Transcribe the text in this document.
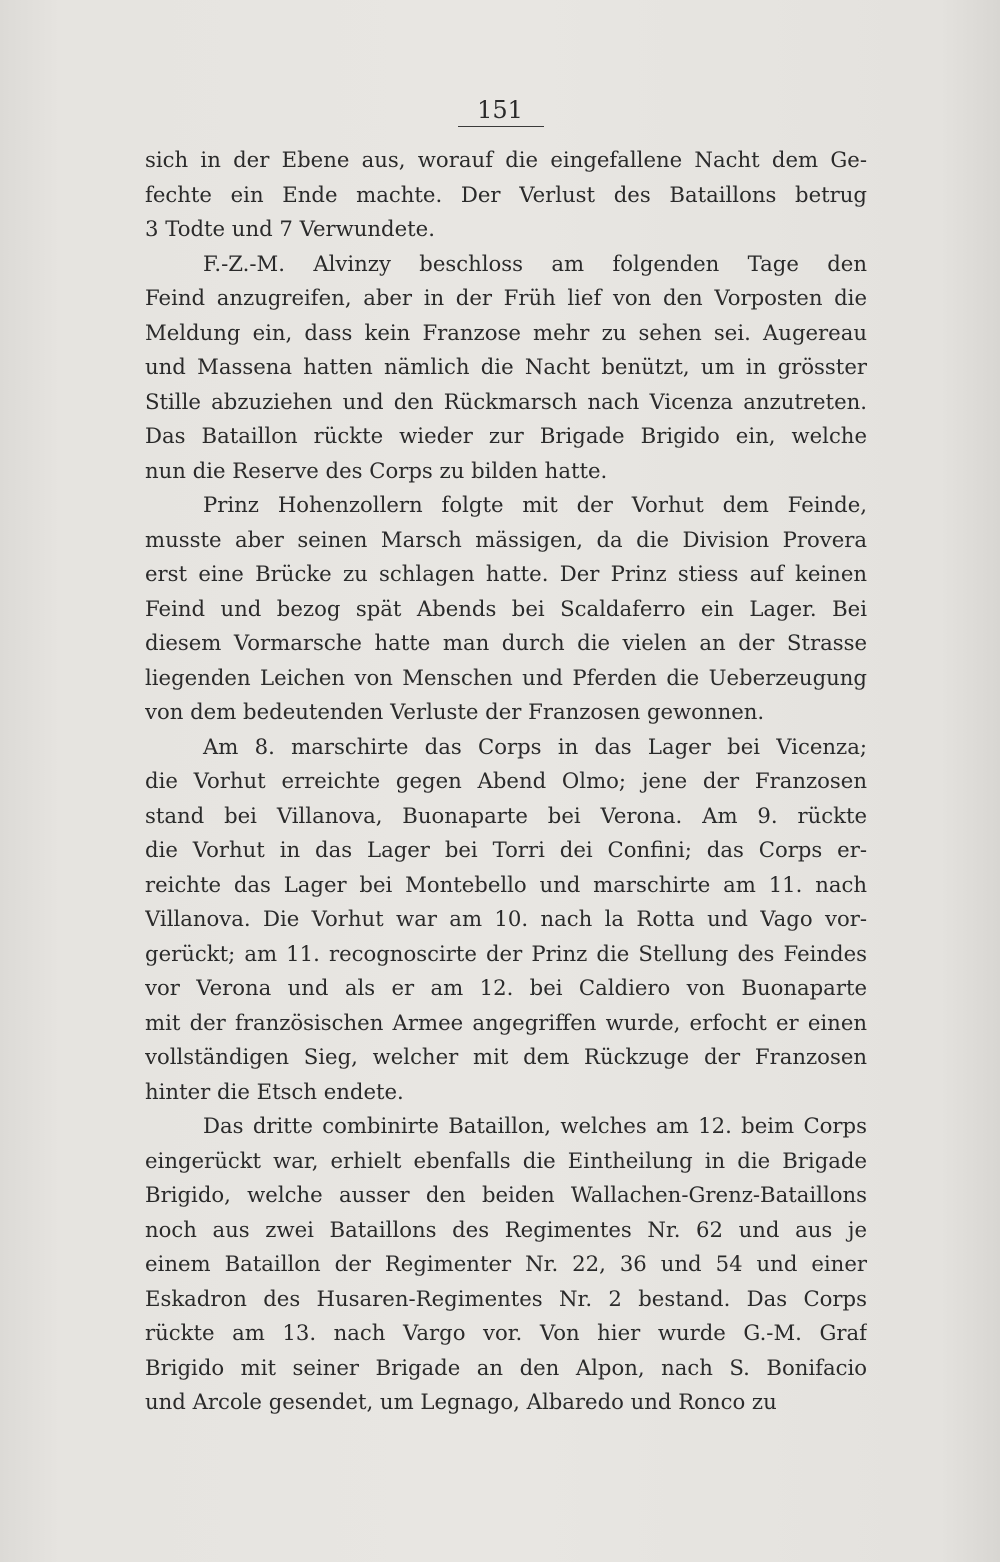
151
sich in der Ebene aus, worauf die eingefallene Nacht dem Ge-
fechte ein Ende machte. Der Verlust des Bataillons betrug
3 Todte und 7 Verwundete.
F.-Z.-M. Alvinzy beschloss am folgenden Tage den
Feind anzugreifen, aber in der Früh lief von den Vorposten die
Meldung ein, dass kein Franzose mehr zu sehen sei. Augereau
und Massena hatten nämlich die Nacht benützt, um in grösster
Stille abzuziehen und den Rückmarsch nach Vicenza anzutreten.
Das Bataillon rückte wieder zur Brigade Brigido ein, welche
nun die Reserve des Corps zu bilden hatte.
Prinz Hohenzollern folgte mit der Vorhut dem Feinde,
musste aber seinen Marsch mässigen, da die Division Provera
erst eine Brücke zu schlagen hatte. Der Prinz stiess auf keinen
Feind und bezog spät Abends bei Scaldaferro ein Lager. Bei
diesem Vormarsche hatte man durch die vielen an der Strasse
liegenden Leichen von Menschen und Pferden die Ueberzeugung
von dem bedeutenden Verluste der Franzosen gewonnen.
Am 8. marschirte das Corps in das Lager bei Vicenza;
die Vorhut erreichte gegen Abend Olmo; jene der Franzosen
stand bei Villanova, Buonaparte bei Verona. Am 9. rückte
die Vorhut in das Lager bei Torri dei Confini; das Corps er-
reichte das Lager bei Montebello und marschirte am 11. nach
Villanova. Die Vorhut war am 10. nach la Rotta und Vago vor-
gerückt; am 11. recognoscirte der Prinz die Stellung des Feindes
vor Verona und als er am 12. bei Caldiero von Buonaparte
mit der französischen Armee angegriffen wurde, erfocht er einen
vollständigen Sieg, welcher mit dem Rückzuge der Franzosen
hinter die Etsch endete.
Das dritte combinirte Bataillon, welches am 12. beim Corps
eingerückt war, erhielt ebenfalls die Eintheilung in die Brigade
Brigido, welche ausser den beiden Wallachen-Grenz-Bataillons
noch aus zwei Bataillons des Regimentes Nr. 62 und aus je
einem Bataillon der Regimenter Nr. 22, 36 und 54 und einer
Eskadron des Husaren-Regimentes Nr. 2 bestand. Das Corps
rückte am 13. nach Vargo vor. Von hier wurde G.-M. Graf
Brigido mit seiner Brigade an den Alpon, nach S. Bonifacio
und Arcole gesendet, um Legnago, Albaredo und Ronco zu
